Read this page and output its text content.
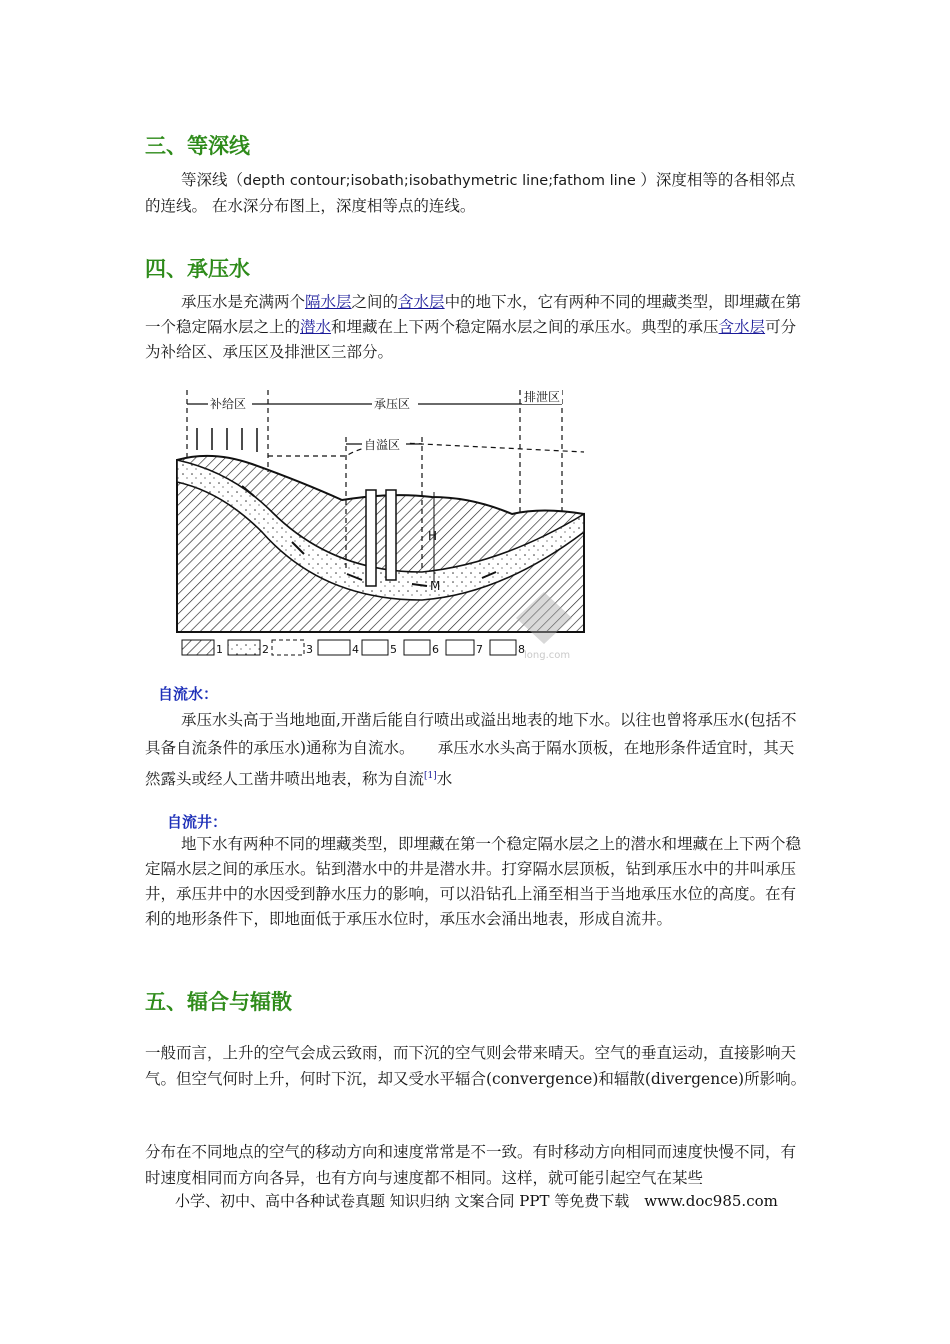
三、等深线

等深线（depth contour;isobath;isobathymetric line;fathom line ）深度相等的各相邻点的连线。 在水深分布图上，深度相等点的连线。

四、承压水

承压水是充满两个隔水层之间的含水层中的地下水，它有两种不同的埋藏类型，即埋藏在第一个稳定隔水层之上的潜水和埋藏在上下两个稳定隔水层之间的承压水。典型的承压含水层可分为补给区、承压区及排泄区三部分。

补给区	承压区	排泄区
自溢区
H
M
long.com
1	2	3	4	5	6	7	8
自流水：

承压水头高于当地地面,开凿后能自行喷出或溢出地表的地下水。以往也曾将承压水(包括不具备自流条件的承压水)通称为自流水。　　承压水水头高于隔水顶板，在地形条件适宜时，其天然露头或经人工凿井喷出地表，称为自流[1]水

自流井：

地下水有两种不同的埋藏类型，即埋藏在第一个稳定隔水层之上的潜水和埋藏在上下两个稳定隔水层之间的承压水。钻到潜水中的井是潜水井。打穿隔水层顶板，钻到承压水中的井叫承压井，承压井中的水因受到静水压力的影响，可以沿钻孔上涌至相当于当地承压水位的高度。在有利的地形条件下，即地面低于承压水位时，承压水会涌出地表，形成自流井。

五、辐合与辐散

一般而言，上升的空气会成云致雨，而下沉的空气则会带来晴天。空气的垂直运动，直接影响天气。但空气何时上升，何时下沉，却又受水平辐合(convergence)和辐散(divergence)所影响。

分布在不同地点的空气的移动方向和速度常常是不一致。有时移动方向相同而速度快慢不同，有时速度相同而方向各异，也有方向与速度都不相同。这样，就可能引起空气在某些

小学、初中、高中各种试卷真题 知识归纳 文案合同 PPT 等免费下载　www.doc985.com
